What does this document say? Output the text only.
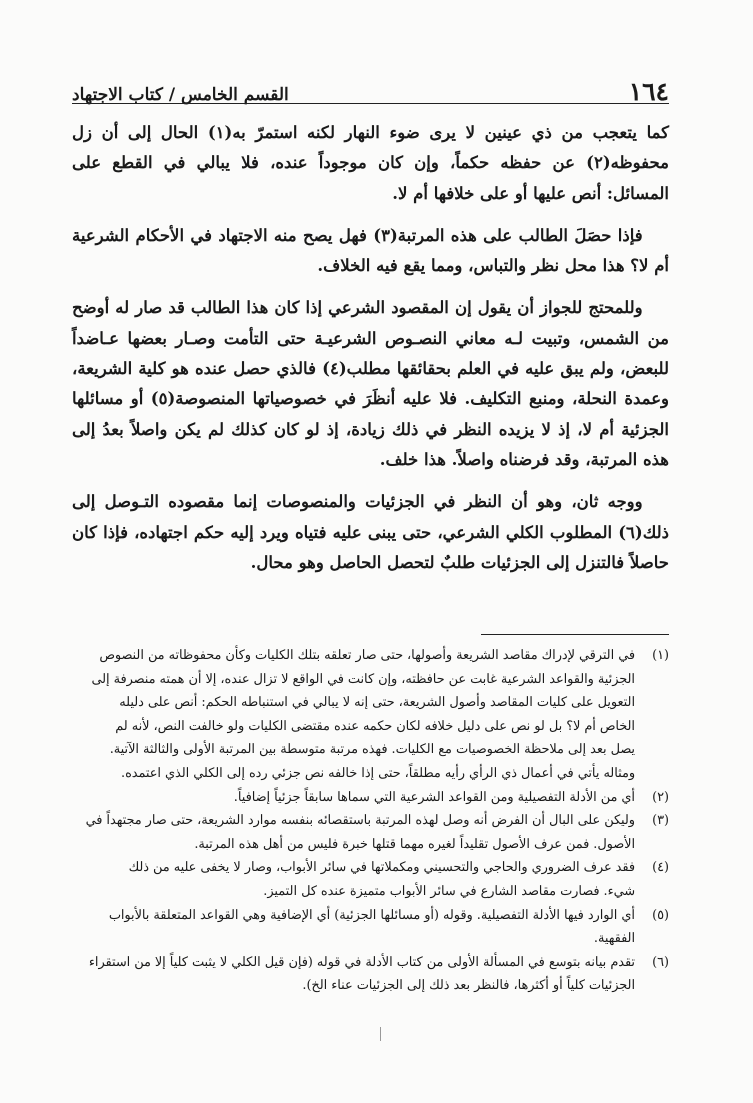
١٦٤
القسم الخامس / كتاب الاجتهاد

كما يتعجب من ذي عينين لا يرى ضوء النهار لكنه استمرّ به(١) الحال إلى أن زل محفوظه(٢) عن حفظه حكماً، وإن كان موجوداً عنده، فلا يبالي في القطع على المسائل: أنص عليها أو على خلافها أم لا.

فإذا حصَلَ الطالب على هذه المرتبة(٣) فهل يصح منه الاجتهاد في الأحكام الشرعية أم لا؟ هذا محل نظر والتباس، ومما يقع فيه الخلاف.

وللمحتج للجواز أن يقول إن المقصود الشرعي إذا كان هذا الطالب قد صار له أوضح من الشمس، وتبيت لـه معاني النصـوص الشرعيـة حتى التأمت وصـار بعضها عـاضداً للبعض، ولم يبق عليه في العلم بحقائقها مطلب(٤) فالذي حصل عنده هو كلية الشريعة، وعمدة النحلة، ومنبع التكليف. فلا عليه أنظَرَ في خصوصياتها المنصوصة(٥) أو مسائلها الجزئية أم لا، إذ لا يزيده النظر في ذلك زيادة، إذ لو كان كذلك لم يكن واصلاً بعدُ إلى هذه المرتبة، وقد فرضناه واصلاً. هذا خلف.

ووجه ثان، وهو أن النظر في الجزئيات والمنصوصات إنما مقصوده التـوصل إلى ذلك(٦) المطلوب الكلي الشرعي، حتى يبنى عليه فتياه ويرد إليه حكم اجتهاده، فإذا كان حاصلاً فالتنزل إلى الجزئيات طلبٌ لتحصل الحاصل وهو محال.

(١)
في الترقي لإدراك مقاصد الشريعة وأصولها، حتى صار تعلقه بتلك الكليات وكأن محفوظاته من النصوص
الجزئية والقواعد الشرعية غابت عن حافظته، وإن كانت في الواقع لا تزال عنده، إلا أن همته منصرفة إلى
التعويل على كليات المقاصد وأصول الشريعة، حتى إنه لا يبالي في استنباطه الحكم: أنص على دليله
الخاص أم لا؟ بل لو نص على دليل خلافه لكان حكمه عنده مقتضى الكليات ولو خالفت النص، لأنه لم
يصل بعد إلى ملاحظة الخصوصيات مع الكليات. فهذه مرتبة متوسطة بين المرتبة الأولى والثالثة الآتية.
ومثاله يأتي في أعمال ذي الرأي رأيه مطلقاً، حتى إذا خالفه نص جزئي رده إلى الكلي الذي اعتمده.
(٢)
أي من الأدلة التفصيلية ومن القواعد الشرعية التي سماها سابقاً جزئياً إضافياً.
(٣)
وليكن على البال أن الفرض أنه وصل لهذه المرتبة باستقصائه بنفسه موارد الشريعة، حتى صار مجتهداً في
الأصول. فمن عرف الأصول تقليداً لغيره مهما قتلها خبرة فليس من أهل هذه المرتبة.
(٤)
فقد عرف الضروري والحاجي والتحسيني ومكملاتها في سائر الأبواب، وصار لا يخفى عليه من ذلك
شيء. فصارت مقاصد الشارع في سائر الأبواب متميزة عنده كل التميز.
(٥)
أي الوارد فيها الأدلة التفصيلية. وقوله (أو مسائلها الجزئية) أي الإضافية وهي القواعد المتعلقة بالأبواب
الفقهية.
(٦)
تقدم بيانه بتوسع في المسألة الأولى من كتاب الأدلة في قوله (فإن قيل الكلي لا يثبت كلياً إلا من استقراء
الجزئيات كلياً أو أكثرها، فالنظر بعد ذلك إلى الجزئيات عناء الخ).
